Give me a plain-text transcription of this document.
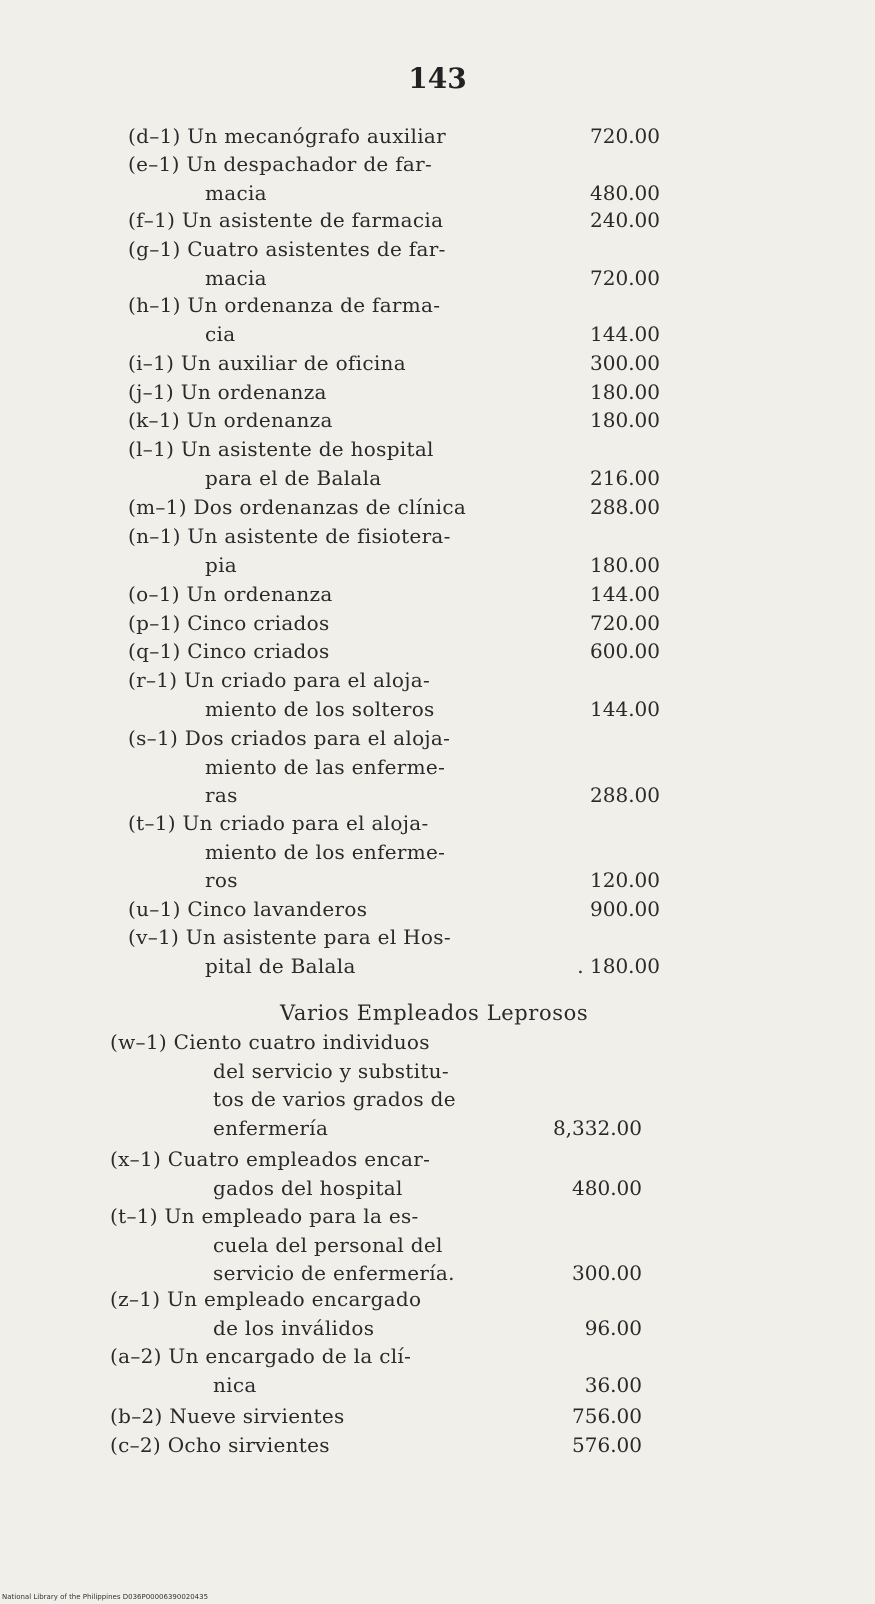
143
(d–1) Un mecanógrafo auxiliar	720.00
(e–1) Un despachador de far-
macia	480.00
(f–1) Un asistente de farmacia	240.00
(g–1) Cuatro asistentes de far-
macia	720.00
(h–1) Un ordenanza de farma-
cia	144.00
(i–1) Un auxiliar de oficina	300.00
(j–1) Un ordenanza	180.00
(k–1) Un ordenanza	180.00
(l–1) Un asistente de hospital
para el de Balala	216.00
(m–1) Dos ordenanzas de clínica	288.00
(n–1) Un asistente de fisiotera-
pia	180.00
(o–1) Un ordenanza	144.00
(p–1) Cinco criados	720.00
(q–1) Cinco criados	600.00
(r–1) Un criado para el aloja-
miento de los solteros	144.00
(s–1) Dos criados para el aloja-
miento de las enferme-
ras	288.00
(t–1) Un criado para el aloja-
miento de los enferme-
ros	120.00
(u–1) Cinco lavanderos	900.00
(v–1) Un asistente para el Hos-
pital de Balala	. 180.00
Varios Empleados Leprosos
(w–1) Ciento cuatro individuos
del servicio y substitu-
tos de varios grados de
enfermería	8,332.00
(x–1) Cuatro empleados encar-
gados del hospital	480.00
(t–1) Un empleado para la es-
cuela del personal del
servicio de enfermería.	300.00
(z–1) Un empleado encargado
de los inválidos	96.00
(a–2) Un encargado de la clí-
nica	36.00
(b–2) Nueve sirvientes	756.00
(c–2) Ocho sirvientes	576.00
National Library of the Philippines D036P00006390020435
